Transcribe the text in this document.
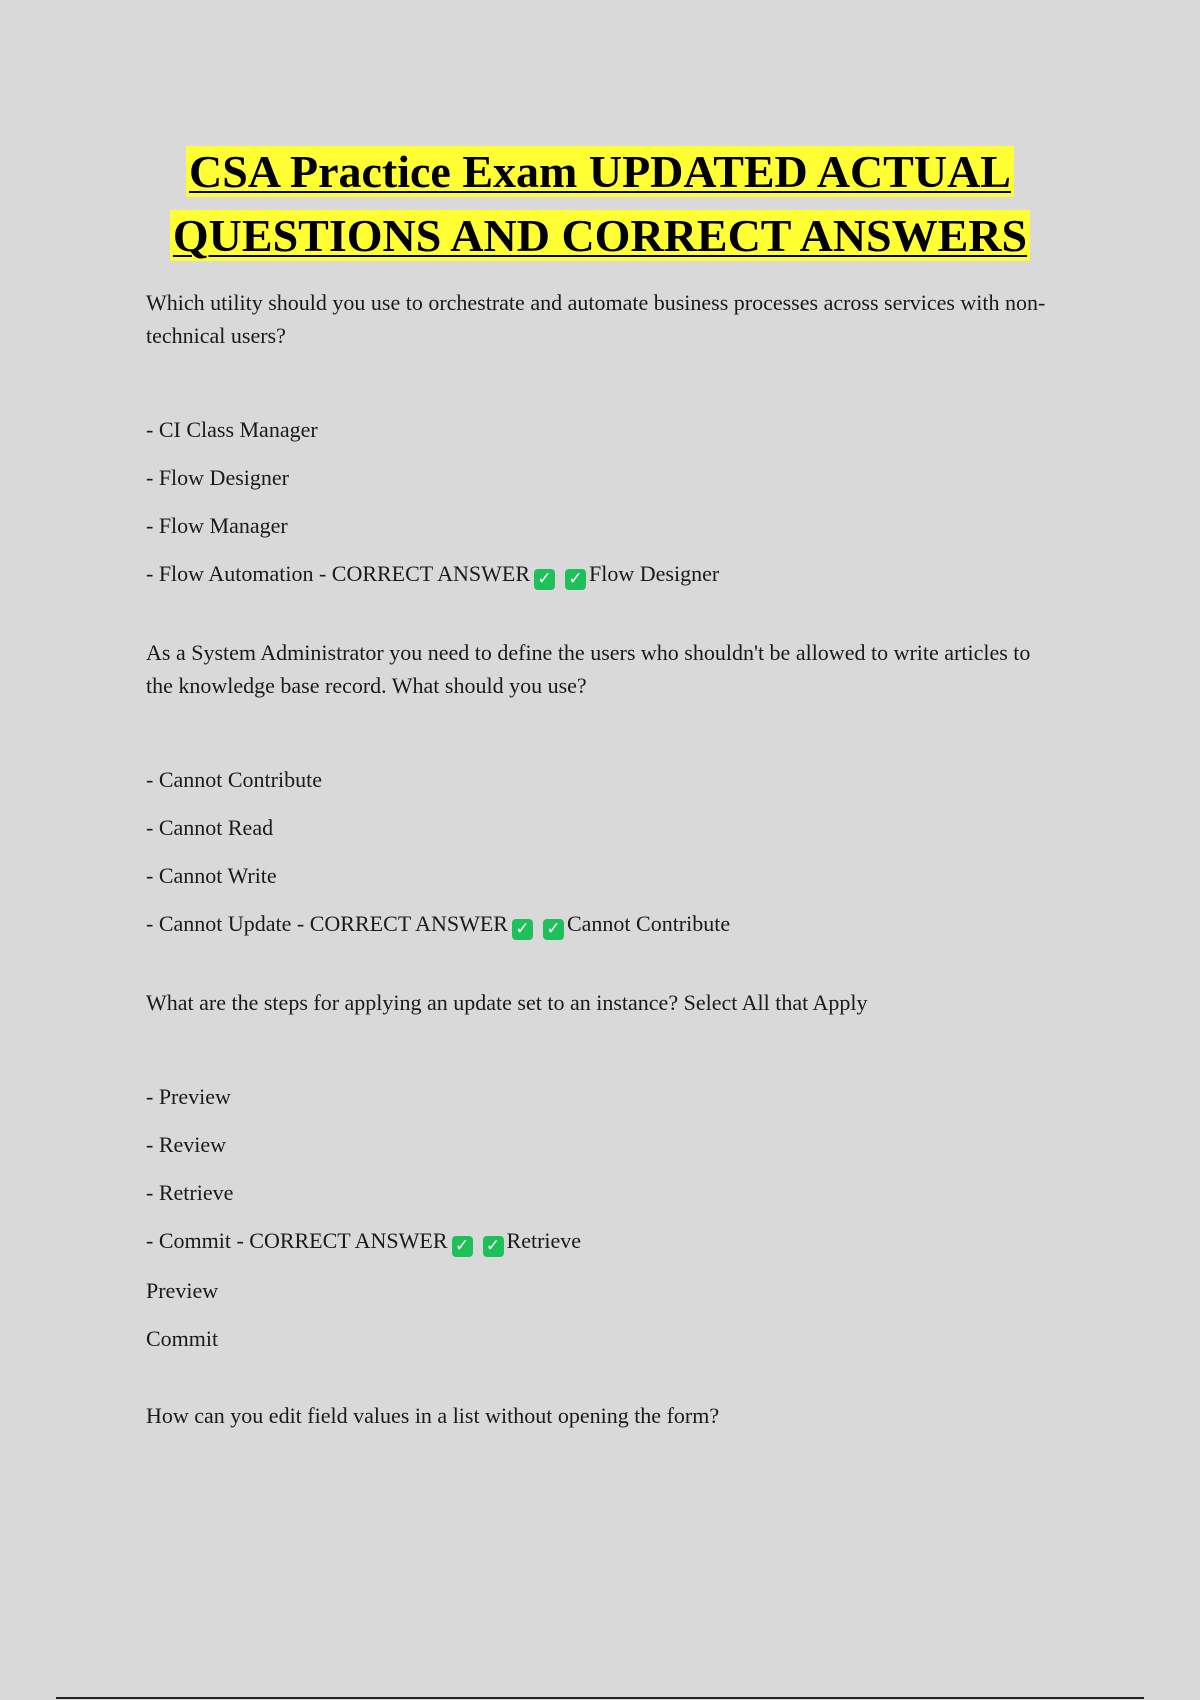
CSA Practice Exam UPDATED ACTUAL
QUESTIONS AND CORRECT ANSWERS

Which utility should you use to orchestrate and automate business processes across services with non-technical users?

- CI Class Manager
- Flow Designer
- Flow Manager
- Flow Automation - CORRECT ANSWER ✓ ✓ Flow Designer

As a System Administrator you need to define the users who shouldn't be allowed to write articles to the knowledge base record. What should you use?

- Cannot Contribute
- Cannot Read
- Cannot Write
- Cannot Update - CORRECT ANSWER ✓ ✓ Cannot Contribute

What are the steps for applying an update set to an instance? Select All that Apply

- Preview
- Review
- Retrieve
- Commit - CORRECT ANSWER ✓ ✓ Retrieve
Preview
Commit

How can you edit field values in a list without opening the form?
